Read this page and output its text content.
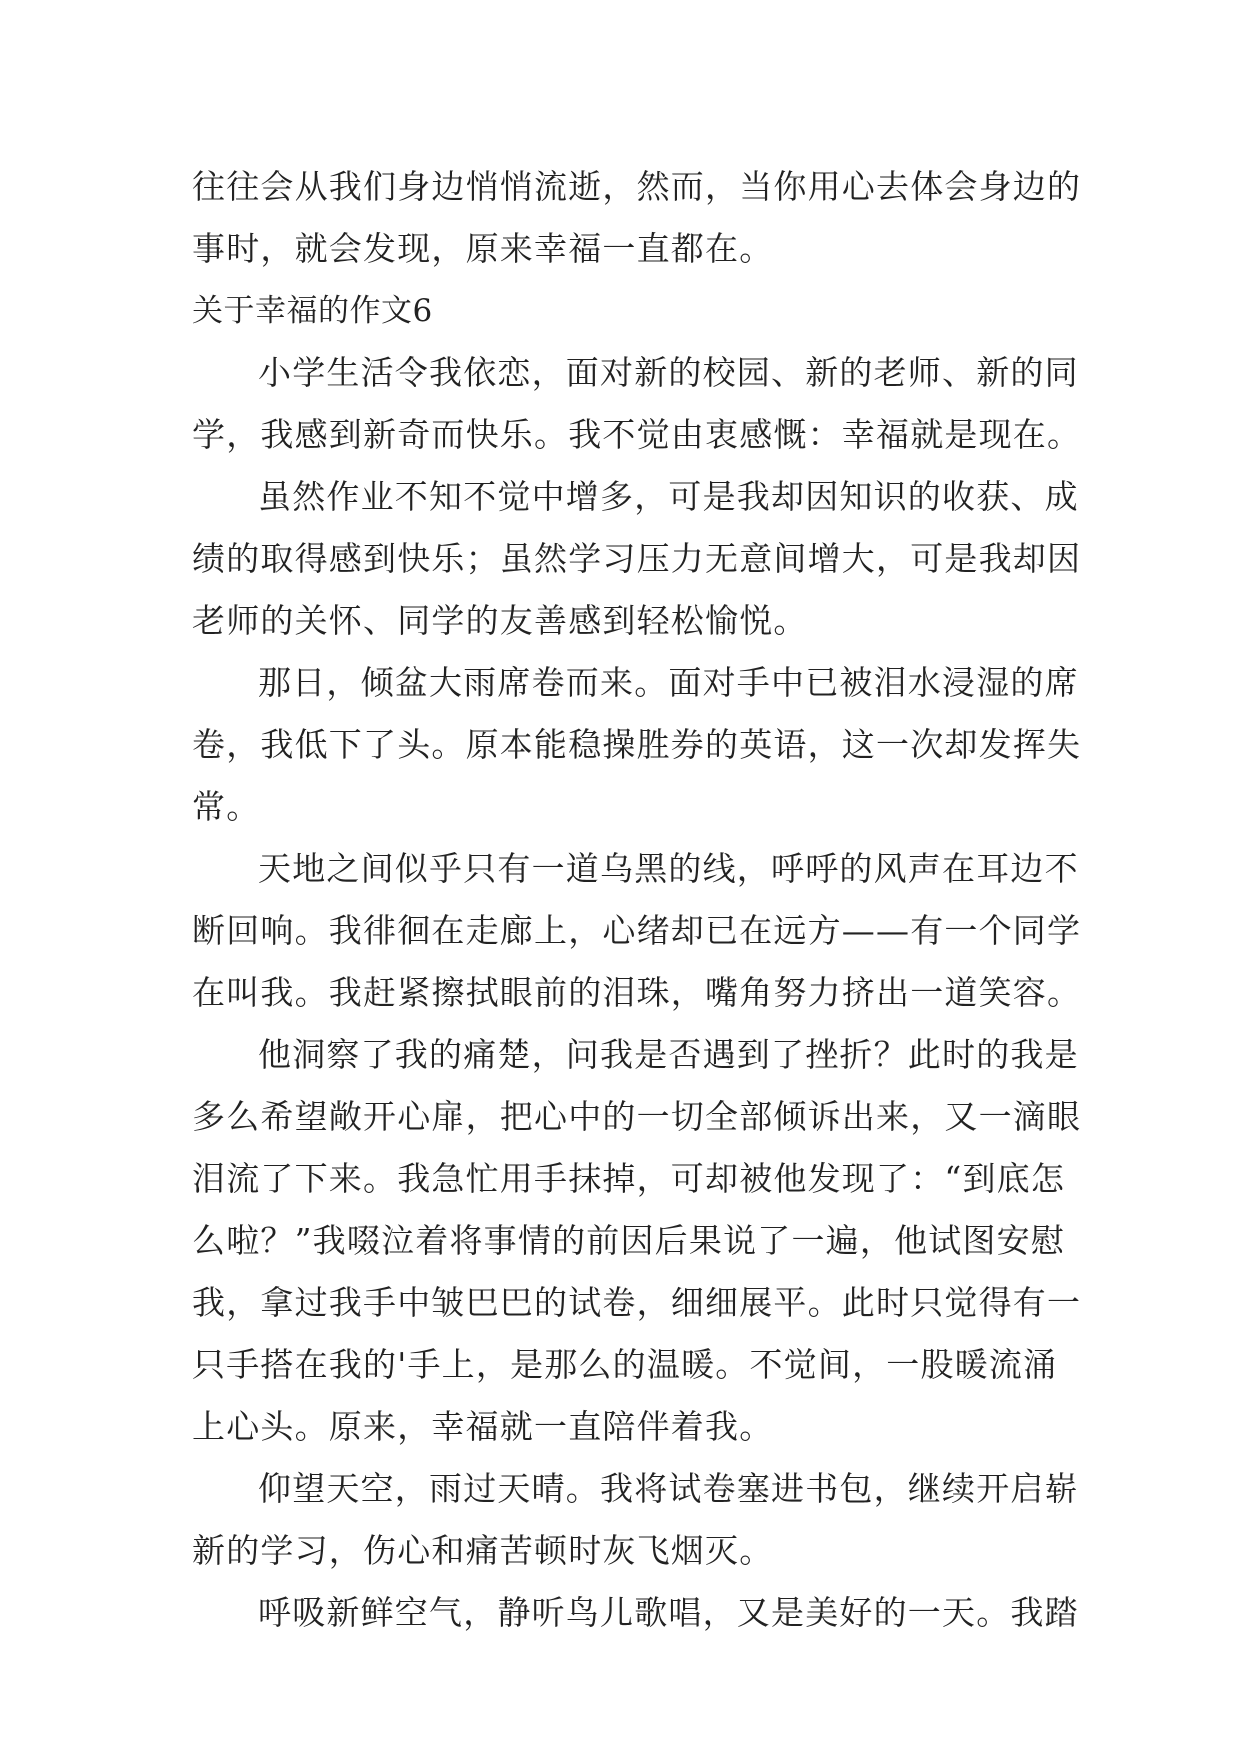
往往会从我们身边悄悄流逝，然而，当你用心去体会身边的
事时，就会发现，原来幸福一直都在。
关于幸福的作文6
小学生活令我依恋，面对新的校园、新的老师、新的同
学，我感到新奇而快乐。我不觉由衷感慨：幸福就是现在。
虽然作业不知不觉中增多，可是我却因知识的收获、成
绩的取得感到快乐；虽然学习压力无意间增大，可是我却因
老师的关怀、同学的友善感到轻松愉悦。
那日，倾盆大雨席卷而来。面对手中已被泪水浸湿的席
卷，我低下了头。原本能稳操胜券的英语，这一次却发挥失
常。
天地之间似乎只有一道乌黑的线，呼呼的风声在耳边不
断回响。我徘徊在走廊上，心绪却已在远方——有一个同学
在叫我。我赶紧擦拭眼前的泪珠，嘴角努力挤出一道笑容。
他洞察了我的痛楚，问我是否遇到了挫折？此时的我是
多么希望敞开心扉，把心中的一切全部倾诉出来，又一滴眼
泪流了下来。我急忙用手抹掉，可却被他发现了：“到底怎
么啦？”我啜泣着将事情的前因后果说了一遍，他试图安慰
我，拿过我手中皱巴巴的试卷，细细展平。此时只觉得有一
只手搭在我的'手上，是那么的温暖。不觉间，一股暖流涌
上心头。原来，幸福就一直陪伴着我。
仰望天空，雨过天晴。我将试卷塞进书包，继续开启崭
新的学习，伤心和痛苦顿时灰飞烟灭。
呼吸新鲜空气，静听鸟儿歌唱，又是美好的一天。我踏
